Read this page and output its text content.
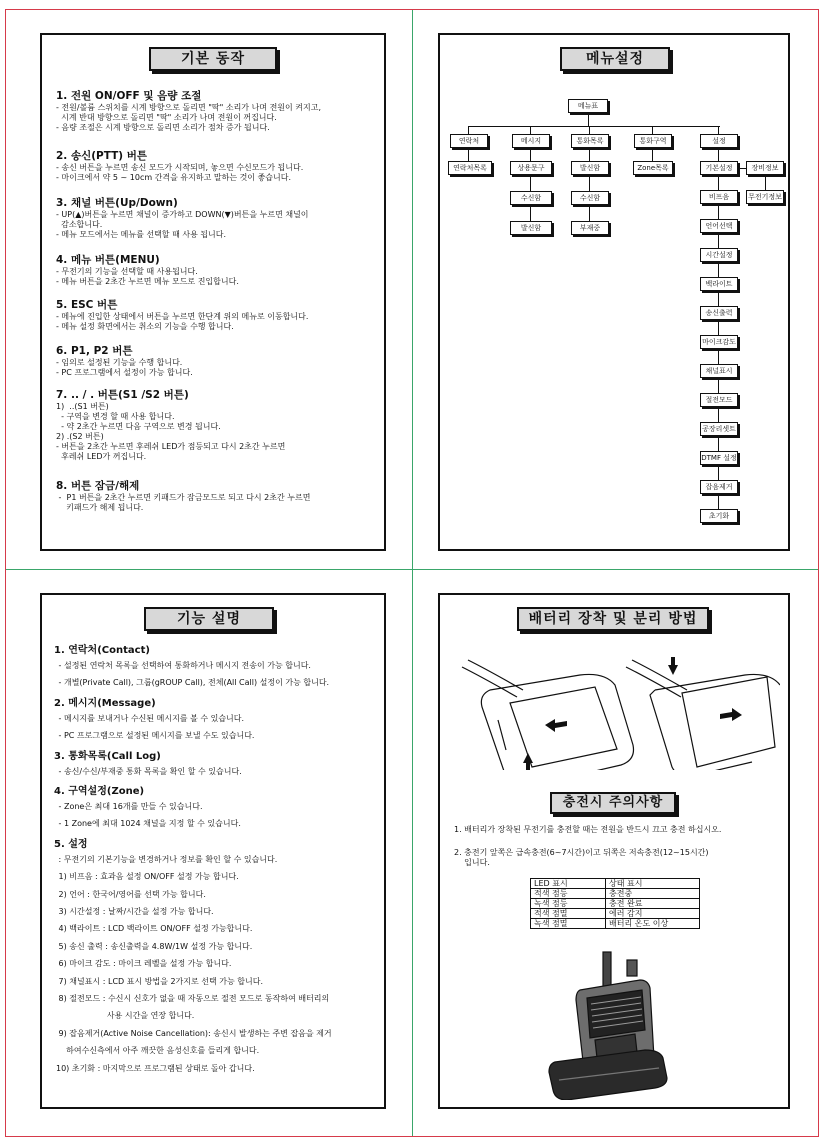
기본 동작
1. 전원 ON/OFF 및 음량 조절

- 전원/볼륨 스위치를 시계 방향으로 돌리면 "딱" 소리가 나며 전원이 켜지고,

시계 반대 방향으로 돌리면 "딱" 소리가 나며 전원이 꺼집니다.

- 음량 조절은 시계 방향으로 돌리면 소리가 점차 증가 됩니다.

2. 송신(PTT) 버튼

- 송신 버튼을 누르면 송신 모드가 시작되며, 놓으면 수신모드가 됩니다.

- 마이크에서 약 5 ~ 10cm 간격을 유지하고 말하는 것이 좋습니다.

3. 채널 버튼(Up/Down)

- UP(▲)버튼을 누르면 채널이 증가하고 DOWN(▼)버튼을 누르면 채널이

감소합니다.

- 메뉴 모드에서는 메뉴를 선택할 때 사용 됩니다.

4. 메뉴 버튼(MENU)

- 무전기의 기능을 선택할 때 사용됩니다.

- 메뉴 버튼을 2초간 누르면 메뉴 모드로 진입합니다.

5. ESC 버튼

- 메뉴에 진입한 상태에서 버튼을 누르면 한단계 위의 메뉴로 이동합니다.

- 메뉴 설정 화면에서는 취소의 기능을 수행 합니다.

6. P1, P2 버튼

- 임의로 설정된 기능을 수행 합니다.

- PC 프로그램에서 설정이 가능 합니다.

7. .. / . 버튼(S1 /S2 버튼)

1)  ..(S1 버튼)

- 구역을 변경 할 때 사용 합니다.

- 약 2초간 누르면 다음 구역으로 변경 됩니다.

2) .(S2 버튼)

- 버튼을 2초간 누르면 후레쉬 LED가 점등되고 다시 2초간 누르면

후레쉬 LED가 꺼집니다.

8. 버튼 잠금/해제

-  P1 버튼을 2초간 누르면 키패드가 잠금모드로 되고 다시 2초간 누르면

키패드가 해제 됩니다.

메뉴설정
메뉴표
연락처	메시지	통화목록	통화구역	설정
연락처목록	상용문구
수신함
발신함
발신함
수신함
부재중
Zone목록	기본설정
비프음
언어선택
시간설정
백라이트
송신출력
마이크감도
채널표시
절전모드
공장리셋트
DTMF 설정
잡음제거
초기화
장비정보
무전기정보
기능 설명
1. 연락처(Contact)
- 설정된 연락처 목록을 선택하여 통화하거나 메시지 전송이 가능 합니다.
- 개별(Private Call), 그룹(gROUP Call), 전체(All Call) 설정이 가능 합니다.
2. 메시지(Message)
- 메시지를 보내거나 수신된 메시지를 볼 수 있습니다.
- PC 프로그램으로 설정된 메시지를 보낼 수도 있습니다.
3. 통화목록(Call Log)
- 송신/수신/부재중 통화 목록을 확인 할 수 있습니다.
4. 구역설정(Zone)
- Zone은 최대 16개를 만들 수 있습니다.
- 1 Zone에 최대 1024 채널을 지정 할 수 있습니다.
5. 설정
: 무전기의 기본기능을 변경하거나 정보를 확인 할 수 있습니다.
1) 비프음 : 효과음 설정 ON/OFF 설정 가능 합니다.
2) 언어 : 한국어/영어를 선택 가능 합니다.
3) 시간설정 : 날짜/시간을 설정 가능 합니다.
4) 백라이트 : LCD 백라이트 ON/OFF 설정 가능합니다.
5) 송신 출력 : 송신출력을 4.8W/1W 설정 가능 합니다.
6) 마이크 감도 : 마이크 레벨을 설정 가능 합니다.
7) 채널표시 : LCD 표시 방법을 2가지로 선택 가능 합니다.
8) 절전모드 : 수신시 신호가 없을 때 자동으로 절전 모드로 동작하여 배터리의
사용 시간을 연장 합니다.
9) 잡음제거(Active Noise Cancellation): 송신시 발생하는 주변 잡음을 제거
하여수신측에서 아주 깨끗한 음성신호를 들리게 합니다.
10) 초기화 : 마지막으로 프로그램된 상태로 돌아 갑니다.
배터리 장착 및 분리 방법
충전시 주의사항
1. 배터리가 장착된 무전기를 충전할 때는 전원을 반드시 끄고 충전 하십시오.
2. 충전기 앞쪽은 급속충전(6~7시간)이고 뒤쪽은 저속충전(12~15시간)
입니다.
LED 표시	상태 표시
적색 점등	충전중
녹색 점등	충전 완료
적색 점멸	에러 감지
녹색 점멸	배터리 온도 이상
